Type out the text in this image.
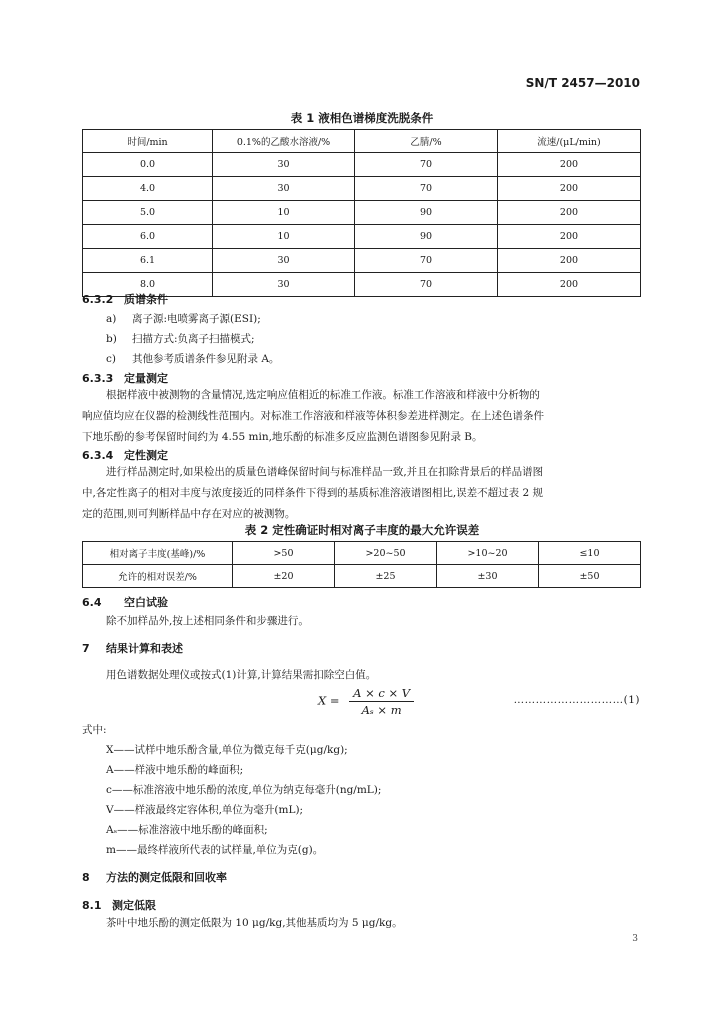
SN/T 2457—2010
表 1 液相色谱梯度洗脱条件
时间/min	0.1%的乙酸水溶液/%	乙腈/%	流速/(μL/min)
0.0	30	70	200
4.0	30	70	200
5.0	10	90	200
6.0	10	90	200
6.1	30	70	200
8.0	30	70	200
6.3.2 质谱条件
a) 离子源:电喷雾离子源(ESI);
b) 扫描方式:负离子扫描模式;
c) 其他参考质谱条件参见附录 A。
6.3.3 定量测定
根据样液中被测物的含量情况,选定响应值相近的标准工作液。标准工作溶液和样液中分析物的
响应值均应在仪器的检测线性范围内。对标准工作溶液和样液等体积参差进样测定。在上述色谱条件
下地乐酚的参考保留时间约为 4.55 min,地乐酚的标准多反应监测色谱图参见附录 B。
6.3.4 定性测定
进行样品测定时,如果检出的质量色谱峰保留时间与标准样品一致,并且在扣除背景后的样品谱图
中,各定性离子的相对丰度与浓度接近的同样条件下得到的基质标准溶液谱图相比,误差不超过表 2 规
定的范围,则可判断样品中存在对应的被测物。
表 2 定性确证时相对离子丰度的最大允许误差
相对离子丰度(基峰)/%	>50	>20~50	>10~20	≤10
允许的相对误差/%	±20	±25	±30	±50
6.4 空白试验
除不加样品外,按上述相同条件和步骤进行。
7 结果计算和表述
用色谱数据处理仪或按式(1)计算,计算结果需扣除空白值。
$X = \frac{A \times c \times V}{\text{Aₛ × m}}$	…………………………(1)
式中:
X——试样中地乐酚含量,单位为微克每千克(μg/kg);
A——样液中地乐酚的峰面积;
c——标准溶液中地乐酚的浓度,单位为纳克每毫升(ng/mL);
V——样液最终定容体积,单位为毫升(mL);
Aₛ——标准溶液中地乐酚的峰面积;
m——最终样液所代表的试样量,单位为克(g)。
8 方法的测定低限和回收率
8.1 测定低限
茶叶中地乐酚的测定低限为 10 μg/kg,其他基质均为 5 μg/kg。
3
